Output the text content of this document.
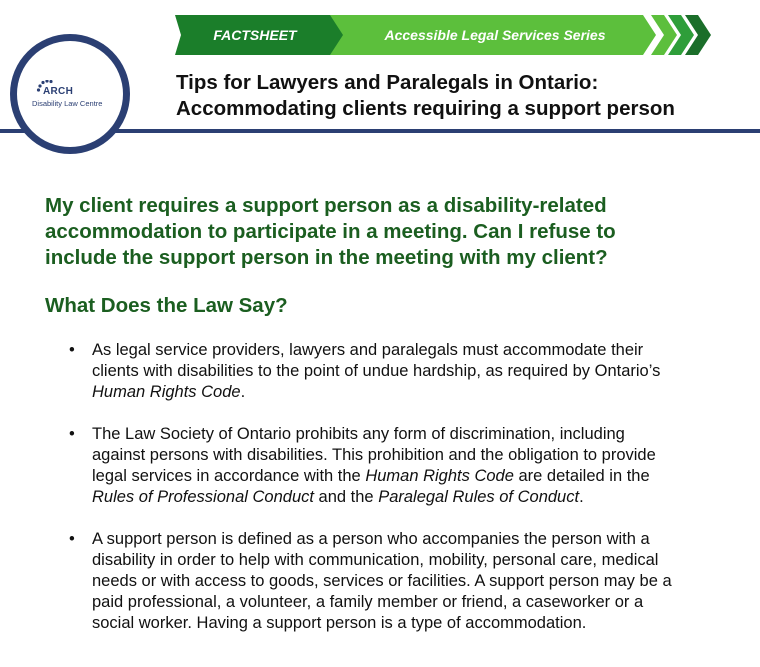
ARCH
Disability Law Centre
FACTSHEET	Accessible Legal Services Series
Tips for Lawyers and Paralegals in Ontario:
Accommodating clients requiring a support person
My client requires a support person as a disability-related
accommodation to participate in a meeting. Can I refuse to
include the support person in the meeting with my client?
What Does the Law Say?
• As legal service providers, lawyers and paralegals must accommodate their
clients with disabilities to the point of undue hardship, as required by Ontario’s
Human Rights Code.
• The Law Society of Ontario prohibits any form of discrimination, including
against persons with disabilities. This prohibition and the obligation to provide
legal services in accordance with the Human Rights Code are detailed in the
Rules of Professional Conduct and the Paralegal Rules of Conduct.
• A support person is defined as a person who accompanies the person with a
disability in order to help with communication, mobility, personal care, medical
needs or with access to goods, services or facilities. A support person may be a
paid professional, a volunteer, a family member or friend, a caseworker or a
social worker. Having a support person is a type of accommodation.
